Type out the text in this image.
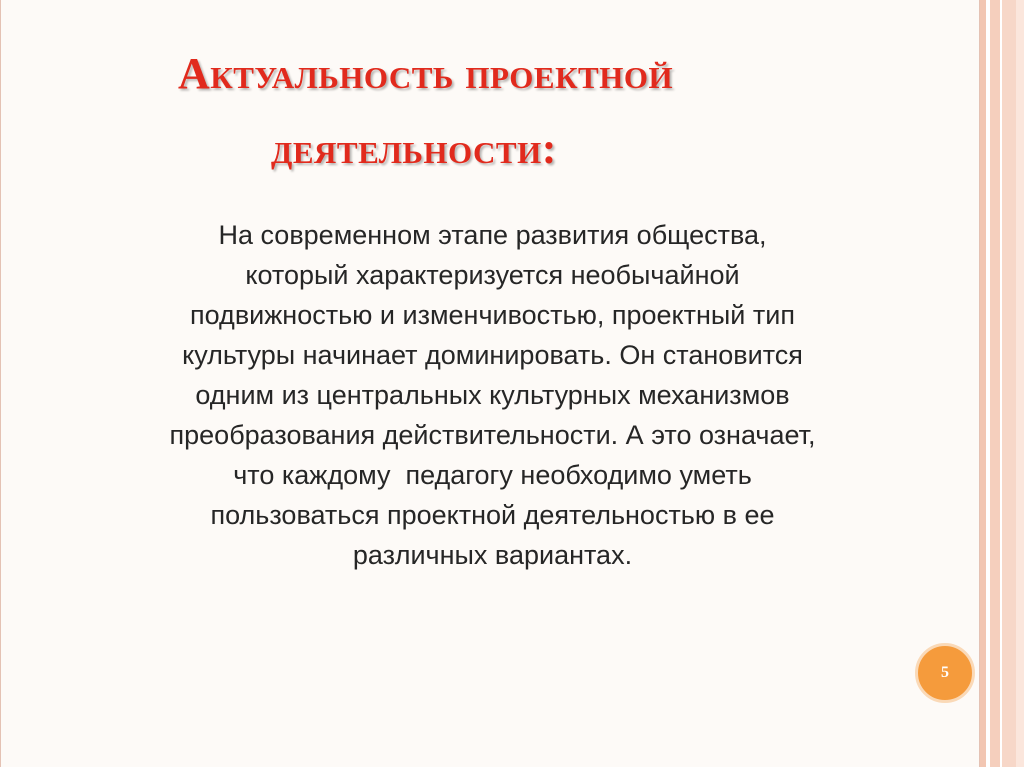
Актуальность проектной
деятельности:

На современном этапе развития общества,
который характеризуется необычайной
подвижностью и изменчивостью, проектный тип
культуры начинает доминировать. Он становится
одним из центральных культурных механизмов
преобразования действительности. А это означает,
что каждому  педагогу необходимо уметь
пользоваться проектной деятельностью в ее
различных вариантах.

5
